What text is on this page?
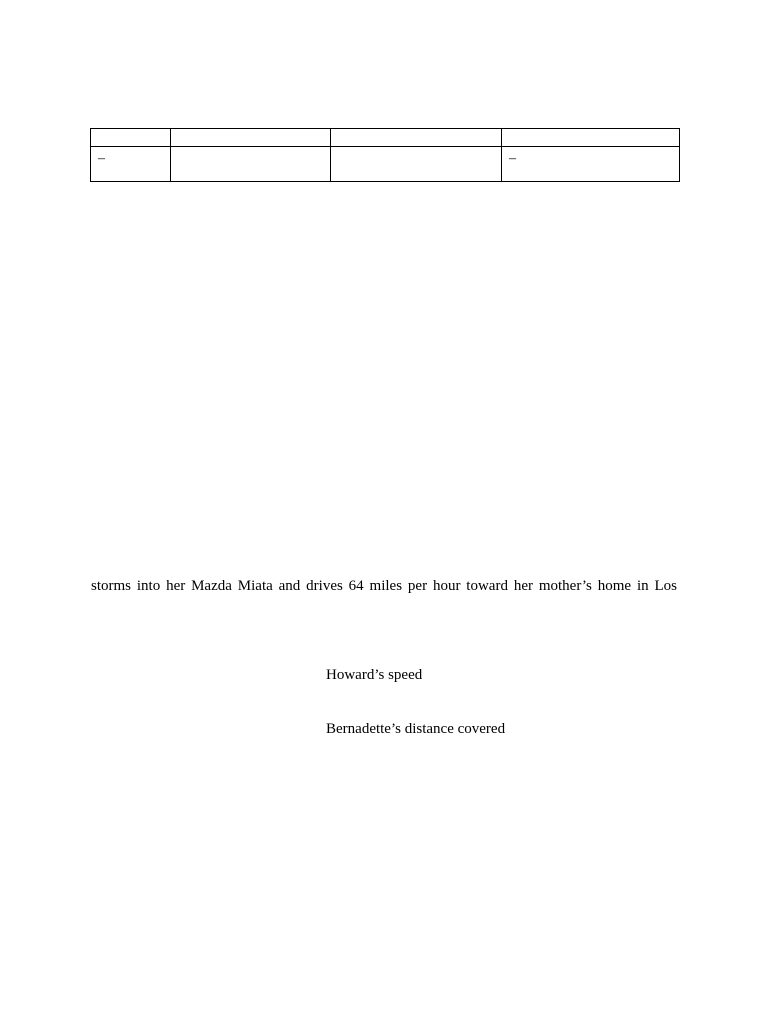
–			–
storms into her Mazda Miata and drives 64 miles per hour toward her mother’s home in Los
Howard’s speed
Bernadette’s distance covered
